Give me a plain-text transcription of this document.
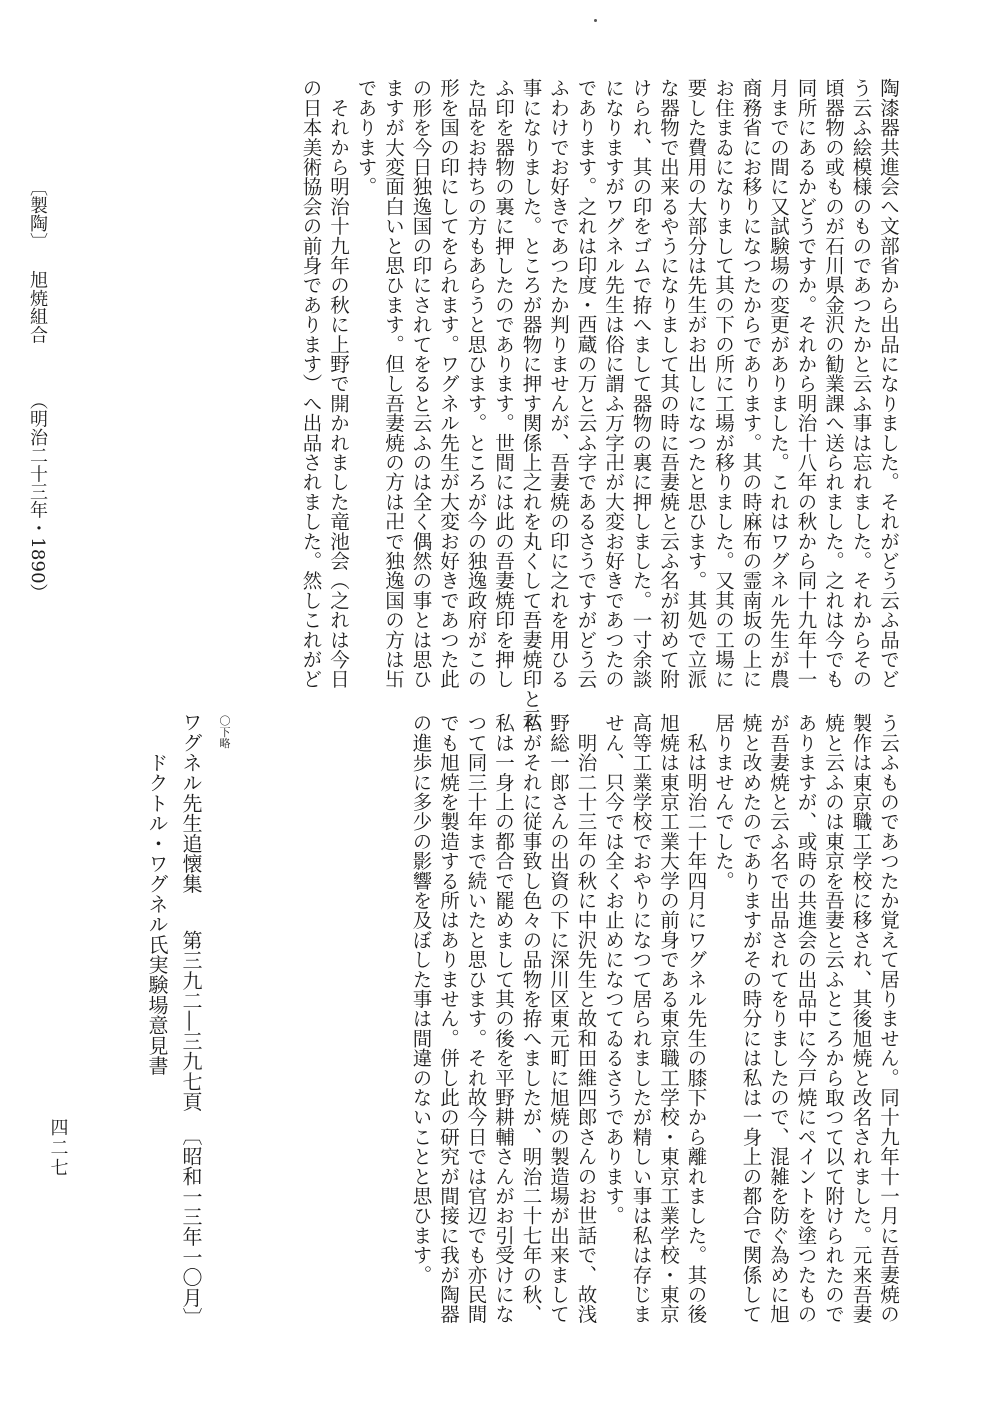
陶漆器共進会へ文部省から出品になりました。それがどう云ふ品でど
う云ふ絵模様のものであつたかと云ふ事は忘れました。それからその
頃器物の或ものが石川県金沢の勧業課へ送られました。之れは今でも
同所にあるかどうですか。それから明治十八年の秋から同十九年十一
月までの間に又試験場の変更がありました。これはワグネル先生が農
商務省にお移りになつたからであります。其の時麻布の霊南坂の上に
お住まゐになりまして其の下の所に工場が移りました。又其の工場に
要した費用の大部分は先生がお出しになつたと思ひます。其処で立派
な器物で出来るやうになりまして其の時に吾妻焼と云ふ名が初めて附
けられ、其の印をゴムで拵へまして器物の裏に押しました。一寸余談
になりますがワグネル先生は俗に謂ふ万字卍が大変お好きであつたの
であります。之れは印度・西蔵の万と云ふ字であるさうですがどう云
ふわけでお好きであつたか判りませんが、吾妻焼の印に之れを用ひる
事になりました。ところが器物に押す関係上之れを丸くして吾妻焼印と云
ふ印を器物の裏に押したのであります。世間には此の吾妻焼印を押し
た品をお持ちの方もあらうと思ひます。ところが今の独逸政府がこの
形を国の印にしてをられます。ワグネル先生が大変お好きであつた此
の形を今日独逸国の印にされてをると云ふのは全く偶然の事とは思ひ
ますが大変面白いと思ひます。但し吾妻焼の方は卍で独逸国の方は卐
であります。
　それから明治十九年の秋に上野で開かれました竜池会（之れは今日
の日本美術協会の前身であります）へ出品されました。然しこれがど
う云ふものであつたか覚えて居りません。同十九年十一月に吾妻焼の
製作は東京職工学校に移され、其後旭焼と改名されました。元来吾妻
焼と云ふのは東京を吾妻と云ふところから取つて以て附けられたので
ありますが、或時の共進会の出品中に今戸焼にペイントを塗つたもの
が吾妻焼と云ふ名で出品されてをりましたので、混雑を防ぐ為めに旭
焼と改めたのでありますがその時分には私は一身上の都合で関係して
居りませんでした。
　私は明治二十年四月にワグネル先生の膝下から離れました。其の後
旭焼は東京工業大学の前身である東京職工学校・東京工業学校・東京
高等工業学校でおやりになつて居られましたが精しい事は私は存じま
せん、只今では全くお止めになつてゐるさうであります。
　明治二十三年の秋に中沢先生と故和田維四郎さんのお世話で、故浅
野総一郎さんの出資の下に深川区東元町に旭焼の製造場が出来まして
私がそれに従事致し色々の品物を拵へましたが、明治二十七年の秋、
私は一身上の都合で罷めまして其の後を平野耕輔さんがお引受けにな
つて同三十年まで続いたと思ひます。それ故今日では官辺でも亦民間
でも旭焼を製造する所はありません。併し此の研究が間接に我が陶器
の進歩に多少の影響を及ぼした事は間違のないことと思ひます。
〇下略
〔製陶〕旭焼組合（明治二十三年・1890）
ワグネル先生追懐集第三九二―三九七頁〔昭和一三年一〇月〕
　　ドクトル・ワグネル氏実験場意見書
四二七
